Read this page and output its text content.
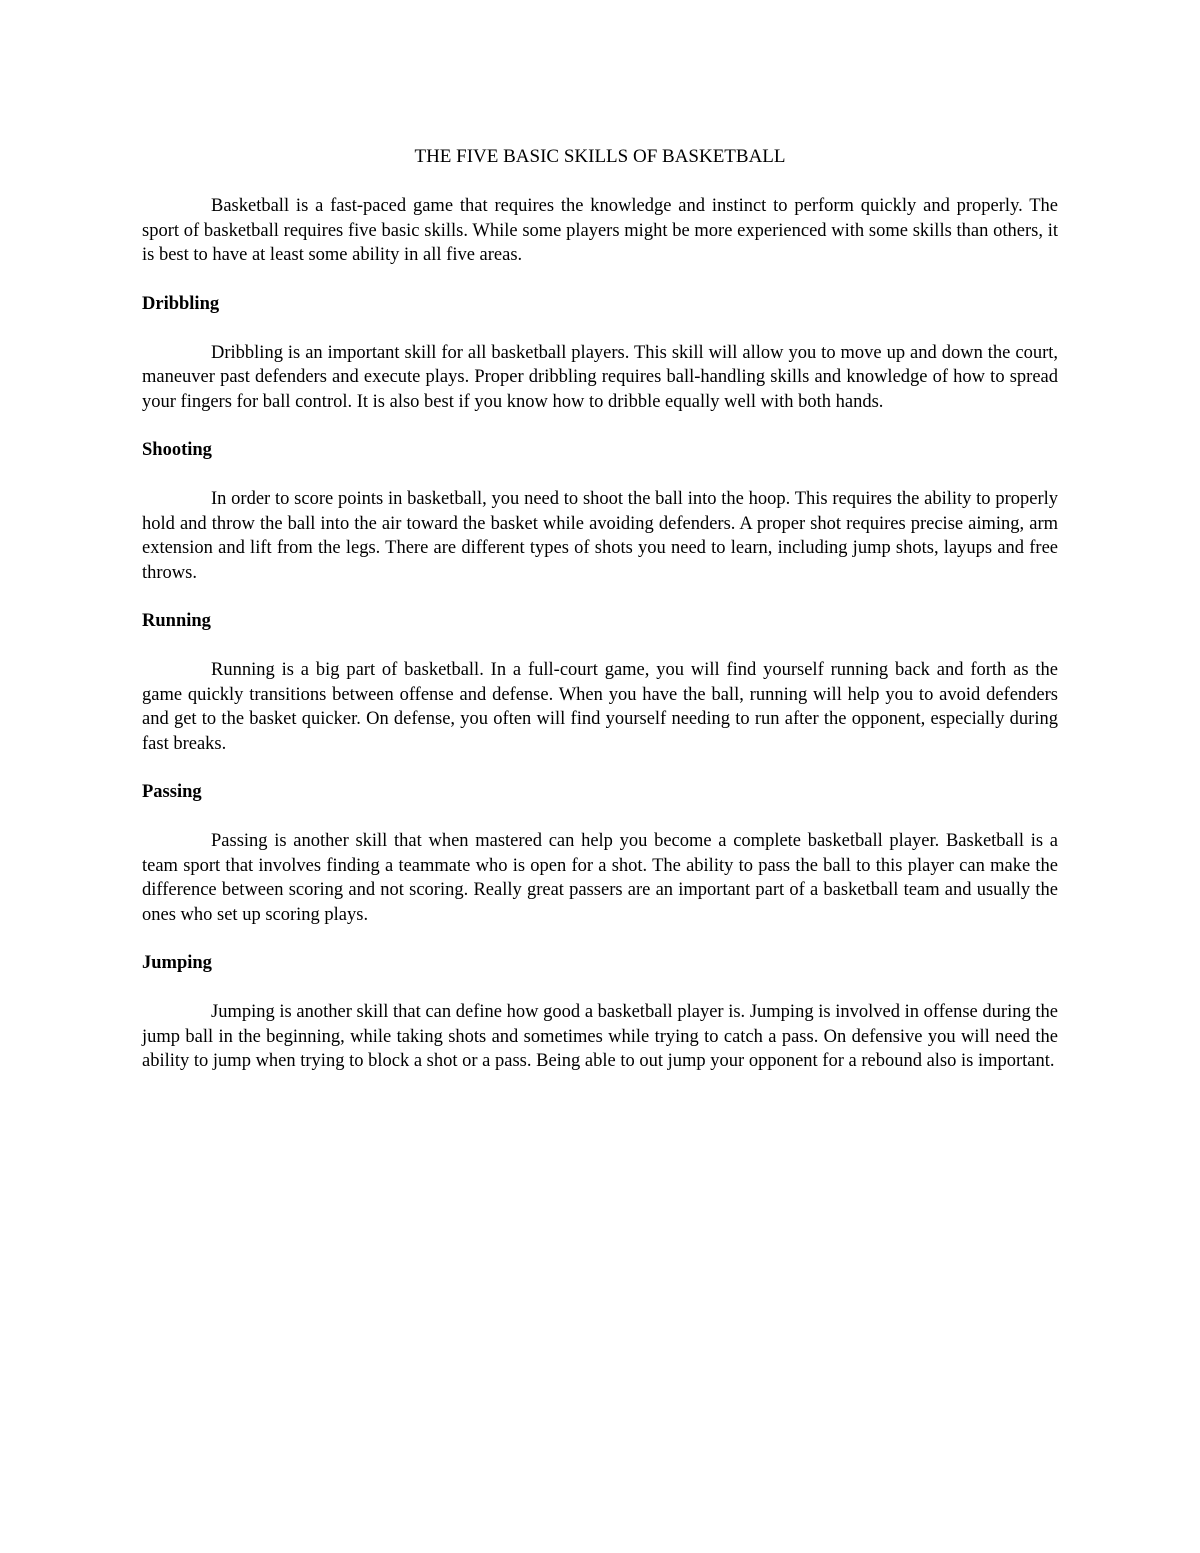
THE FIVE BASIC SKILLS OF BASKETBALL

Basketball is a fast-paced game that requires the knowledge and instinct to perform quickly and properly. The sport of basketball requires five basic skills. While some players might be more experienced with some skills than others, it is best to have at least some ability in all five areas.

Dribbling

Dribbling is an important skill for all basketball players. This skill will allow you to move up and down the court, maneuver past defenders and execute plays. Proper dribbling requires ball-handling skills and knowledge of how to spread your fingers for ball control. It is also best if you know how to dribble equally well with both hands.

Shooting

In order to score points in basketball, you need to shoot the ball into the hoop. This requires the ability to properly hold and throw the ball into the air toward the basket while avoiding defenders. A proper shot requires precise aiming, arm extension and lift from the legs. There are different types of shots you need to learn, including jump shots, layups and free throws.

Running

Running is a big part of basketball. In a full-court game, you will find yourself running back and forth as the game quickly transitions between offense and defense. When you have the ball, running will help you to avoid defenders and get to the basket quicker. On defense, you often will find yourself needing to run after the opponent, especially during fast breaks.

Passing

Passing is another skill that when mastered can help you become a complete basketball player. Basketball is a team sport that involves finding a teammate who is open for a shot. The ability to pass the ball to this player can make the difference between scoring and not scoring. Really great passers are an important part of a basketball team and usually the ones who set up scoring plays.

Jumping

Jumping is another skill that can define how good a basketball player is. Jumping is involved in offense during the jump ball in the beginning, while taking shots and sometimes while trying to catch a pass. On defensive you will need the ability to jump when trying to block a shot or a pass. Being able to out jump your opponent for a rebound also is important.
